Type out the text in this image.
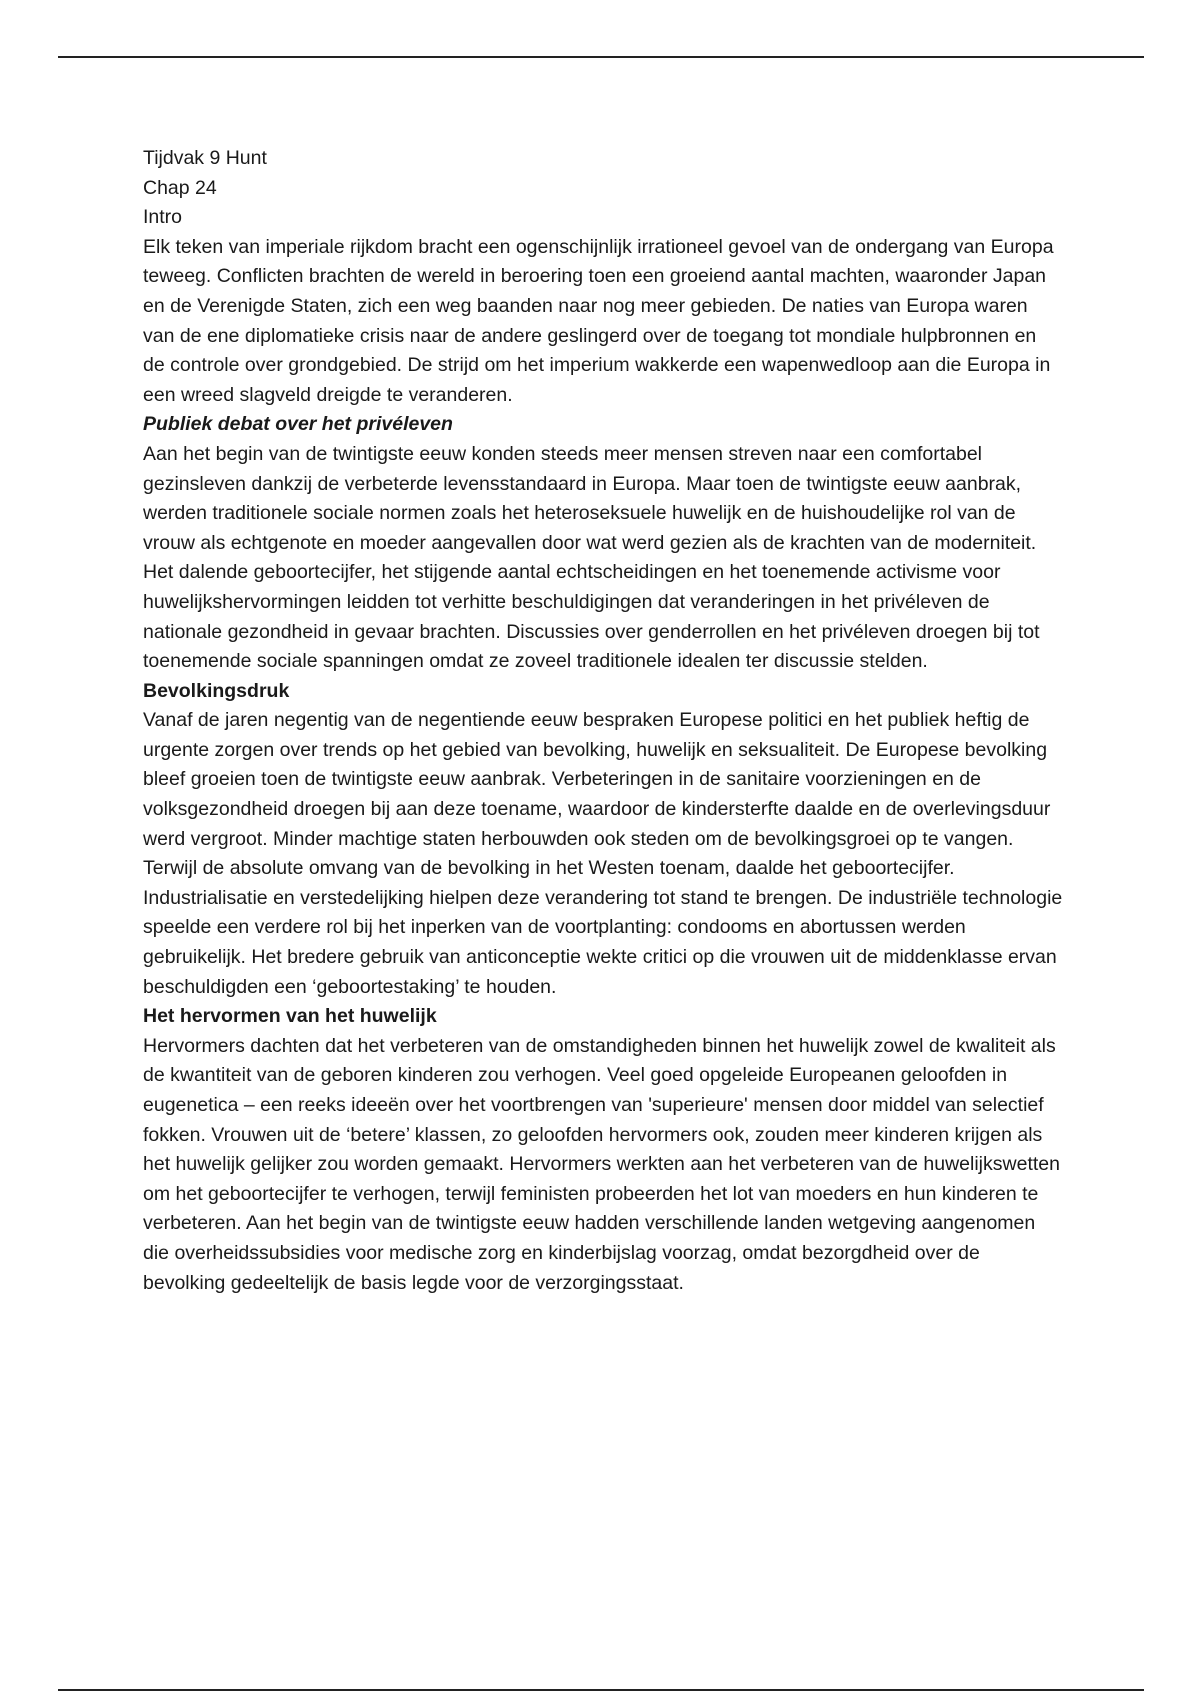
Tijdvak 9 Hunt

Chap 24

Intro

Elk teken van imperiale rijkdom bracht een ogenschijnlijk irrationeel gevoel van de ondergang van Europa teweeg. Conflicten brachten de wereld in beroering toen een groeiend aantal machten, waaronder Japan en de Verenigde Staten, zich een weg baanden naar nog meer gebieden. De naties van Europa waren van de ene diplomatieke crisis naar de andere geslingerd over de toegang tot mondiale hulpbronnen en de controle over grondgebied. De strijd om het imperium wakkerde een wapenwedloop aan die Europa in een wreed slagveld dreigde te veranderen.

Publiek debat over het privéleven

Aan het begin van de twintigste eeuw konden steeds meer mensen streven naar een comfortabel gezinsleven dankzij de verbeterde levensstandaard in Europa. Maar toen de twintigste eeuw aanbrak, werden traditionele sociale normen zoals het heteroseksuele huwelijk en de huishoudelijke rol van de vrouw als echtgenote en moeder aangevallen door wat werd gezien als de krachten van de moderniteit. Het dalende geboortecijfer, het stijgende aantal echtscheidingen en het toenemende activisme voor huwelijkshervormingen leidden tot verhitte beschuldigingen dat veranderingen in het privéleven de nationale gezondheid in gevaar brachten. Discussies over genderrollen en het privéleven droegen bij tot toenemende sociale spanningen omdat ze zoveel traditionele idealen ter discussie stelden.

Bevolkingsdruk

Vanaf de jaren negentig van de negentiende eeuw bespraken Europese politici en het publiek heftig de urgente zorgen over trends op het gebied van bevolking, huwelijk en seksualiteit. De Europese bevolking bleef groeien toen de twintigste eeuw aanbrak. Verbeteringen in de sanitaire voorzieningen en de volksgezondheid droegen bij aan deze toename, waardoor de kindersterfte daalde en de overlevingsduur werd vergroot. Minder machtige staten herbouwden ook steden om de bevolkingsgroei op te vangen. Terwijl de absolute omvang van de bevolking in het Westen toenam, daalde het geboortecijfer. Industrialisatie en verstedelijking hielpen deze verandering tot stand te brengen. De industriële technologie speelde een verdere rol bij het inperken van de voortplanting: condooms en abortussen werden gebruikelijk. Het bredere gebruik van anticonceptie wekte critici op die vrouwen uit de middenklasse ervan beschuldigden een ‘geboortestaking’ te houden.

Het hervormen van het huwelijk

Hervormers dachten dat het verbeteren van de omstandigheden binnen het huwelijk zowel de kwaliteit als de kwantiteit van de geboren kinderen zou verhogen. Veel goed opgeleide Europeanen geloofden in eugenetica – een reeks ideeën over het voortbrengen van 'superieure' mensen door middel van selectief fokken. Vrouwen uit de ‘betere’ klassen, zo geloofden hervormers ook, zouden meer kinderen krijgen als het huwelijk gelijker zou worden gemaakt. Hervormers werkten aan het verbeteren van de huwelijkswetten om het geboortecijfer te verhogen, terwijl feministen probeerden het lot van moeders en hun kinderen te verbeteren. Aan het begin van de twintigste eeuw hadden verschillende landen wetgeving aangenomen die overheidssubsidies voor medische zorg en kinderbijslag voorzag, omdat bezorgdheid over de bevolking gedeeltelijk de basis legde voor de verzorgingsstaat.
